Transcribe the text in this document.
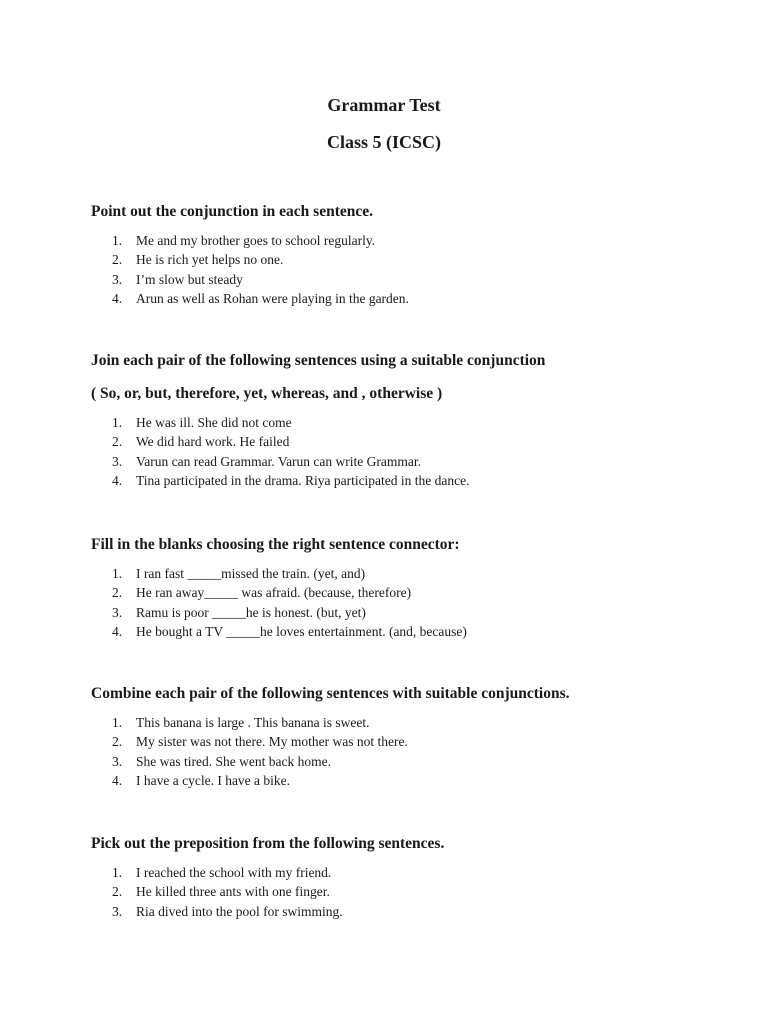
Grammar Test
Class 5 (ICSC)

Point out the conjunction in each sentence.

1. Me and my brother goes to school regularly.
2. He is rich yet helps no one.
3. I’m slow but steady
4. Arun as well as Rohan were playing in the garden.

Join each pair of the following sentences using a suitable conjunction

( So, or, but, therefore, yet, whereas, and , otherwise )

1. He was ill. She did not come
2. We did hard work. He failed
3. Varun can read Grammar. Varun can write Grammar.
4. Tina participated in the drama. Riya participated in the dance.

Fill in the blanks choosing the right sentence connector:

1. I ran fast _____missed the train. (yet, and)
2. He ran away_____ was afraid. (because, therefore)
3. Ramu is poor _____he is honest. (but, yet)
4. He bought a TV _____he loves entertainment. (and, because)

Combine each pair of the following sentences with suitable conjunctions.

1. This banana is large . This banana is sweet.
2. My sister was not there. My mother was not there.
3. She was tired. She went back home.
4. I have a cycle. I have a bike.

Pick out the preposition from the following sentences.

1. I reached the school with my friend.
2. He killed three ants with one finger.
3. Ria dived into the pool for swimming.
